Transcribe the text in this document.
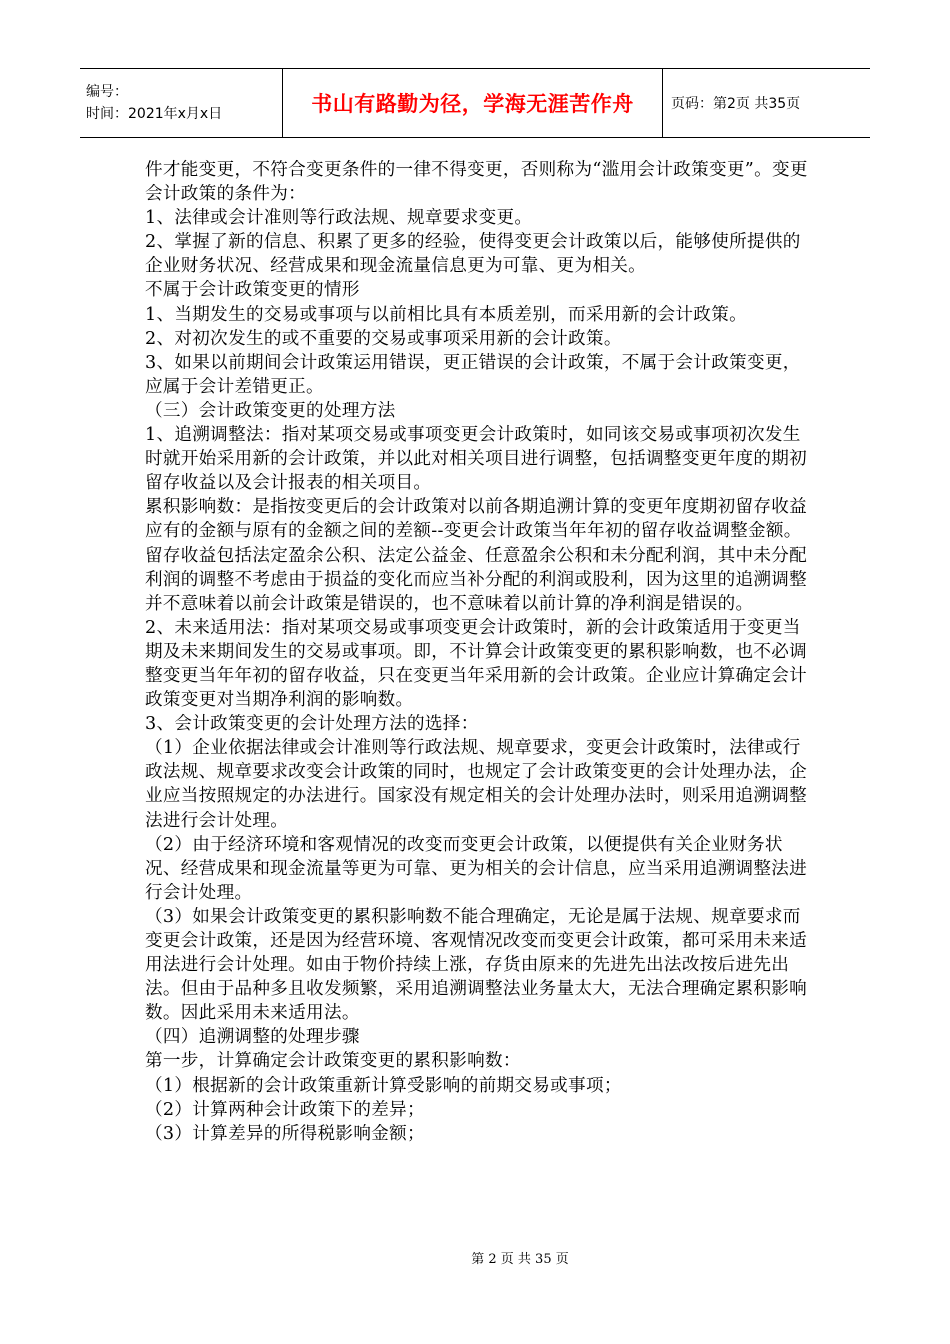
编号：
时间：2021年x月x日	书山有路勤为径，学海无涯苦作舟	页码：第2页 共35页

件才能变更，不符合变更条件的一律不得变更，否则称为“滥用会计政策变更”。变更会计政策的条件为：

1、法律或会计准则等行政法规、规章要求变更。

2、掌握了新的信息、积累了更多的经验，使得变更会计政策以后，能够使所提供的企业财务状况、经营成果和现金流量信息更为可靠、更为相关。

不属于会计政策变更的情形

1、当期发生的交易或事项与以前相比具有本质差别，而采用新的会计政策。

2、对初次发生的或不重要的交易或事项采用新的会计政策。

3、如果以前期间会计政策运用错误，更正错误的会计政策，不属于会计政策变更，应属于会计差错更正。

（三）会计政策变更的处理方法

1、追溯调整法：指对某项交易或事项变更会计政策时，如同该交易或事项初次发生时就开始采用新的会计政策，并以此对相关项目进行调整，包括调整变更年度的期初留存收益以及会计报表的相关项目。

累积影响数：是指按变更后的会计政策对以前各期追溯计算的变更年度期初留存收益应有的金额与原有的金额之间的差额--变更会计政策当年年初的留存收益调整金额。

留存收益包括法定盈余公积、法定公益金、任意盈余公积和未分配利润，其中未分配利润的调整不考虑由于损益的变化而应当补分配的利润或股利，因为这里的追溯调整并不意味着以前会计政策是错误的，也不意味着以前计算的净利润是错误的。

2、未来适用法：指对某项交易或事项变更会计政策时，新的会计政策适用于变更当期及未来期间发生的交易或事项。即，不计算会计政策变更的累积影响数，也不必调整变更当年年初的留存收益，只在变更当年采用新的会计政策。企业应计算确定会计政策变更对当期净利润的影响数。

3、会计政策变更的会计处理方法的选择：

（1）企业依据法律或会计准则等行政法规、规章要求，变更会计政策时，法律或行政法规、规章要求改变会计政策的同时，也规定了会计政策变更的会计处理办法，企业应当按照规定的办法进行。国家没有规定相关的会计处理办法时，则采用追溯调整法进行会计处理。

（2）由于经济环境和客观情况的改变而变更会计政策，以便提供有关企业财务状况、经营成果和现金流量等更为可靠、更为相关的会计信息，应当采用追溯调整法进行会计处理。

（3）如果会计政策变更的累积影响数不能合理确定，无论是属于法规、规章要求而变更会计政策，还是因为经营环境、客观情况改变而变更会计政策，都可采用未来适用法进行会计处理。如由于物价持续上涨，存货由原来的先进先出法改按后进先出法。但由于品种多且收发频繁，采用追溯调整法业务量太大，无法合理确定累积影响数。因此采用未来适用法。

（四）追溯调整的处理步骤

第一步，计算确定会计政策变更的累积影响数：

（1）根据新的会计政策重新计算受影响的前期交易或事项；

（2）计算两种会计政策下的差异；

（3）计算差异的所得税影响金额；

第 2 页 共 35 页
